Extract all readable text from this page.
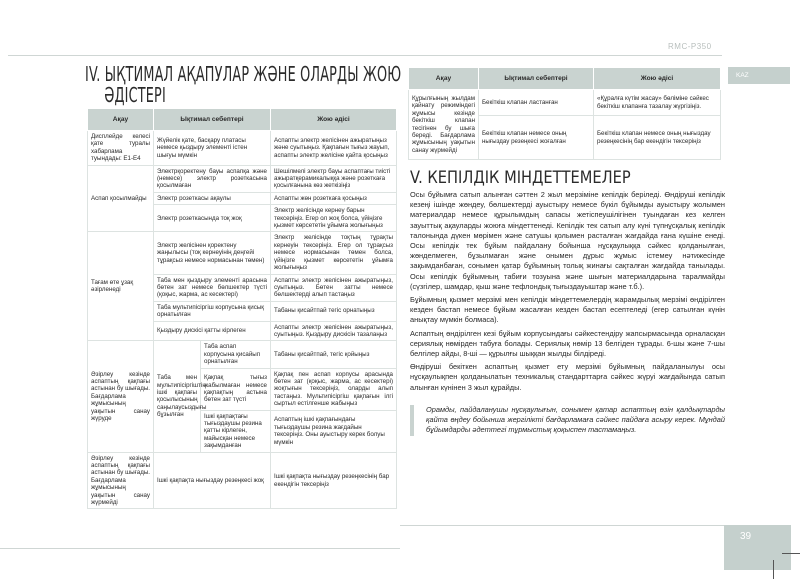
RMC-P350
IV. ЫҚТИМАЛ АҚАПУЛАР ЖӘНЕ ОЛАРДЫ ЖОЮ
ӘДІСТЕРІ
Ақау	Ықтимал себептері		Жою әдісі
Дисплейде келесі қате туралы хабарлама туындады: E1-E4	Жүйелік қате, басқару платасы немесе қыздыру элементі істен шығуы мүмкін		Аспапты электр желісінен ажыратыңыз және суытыңыз. Қақпағын тығыз жауып, аспапты электр желісіне қайта қосыңыз
Аспап қосылмайды	Электрқоректену бауы аспапқа және (немесе) электр розеткасына қосылмаған		Шешілмелі электр бауы аспаптағы тиісті ажыратқерамикалыққа және розеткаға қосылғанына көз жеткізіңіз
	Электр розеткасы ақаулы		Аспапты жөн розеткаға қосыңыз
	Электр розеткасында тоқ жоқ		Электр желісінде кернеу барын тексеріңіз. Егер ол жоқ болса, үйіңізге қызмет көрсететін ұйымға жолығыңыз
Тағам өте ұзақ әзірленеді	Электр желісінен қоректену жаңылысы (тоқ кернеуінің деңгейі тұрақсыз немесе нормасынан төмен)		Электр желісінде тоқтың тұрақты кернеуін тексеріңіз. Егер ол тұрақсыз немесе нормасынан төмен болса, үйіңізге қызмет көрсететін ұйымға жолығыңыз
	Таба мен қыздыру элементі арасына бөтен зат немесе бөлшектер түсті (қоқыс, жарма, ас кесектері)		Аспапты электр желісінен ажыратыңыз, суытыңыз. Бөтен затты немесе бөлшектерді алып тастаңыз
	Таба мультипісіргіш корпусына қисық орнатылған		Табаны қисайтпай тегіс орнатыңыз
	Қыздыру дискісі қатты кірлеген		Аспапты электр желісінен ажыратыңыз, суытыңыз. Қыздыру дискісін тазалаңыз
Әзірлеу кезінде аспаптың қақпағы астынан бу шығады. Бағдарлама жұмысының уақытын санау жүруде	Таба мен мультипісіргіштің ішкі қақпағы қосылысының саңылаусыздығы бұзылған	Таба аспап корпусына қисайып орнатылған	Табаны қисайтпай, тегіс қойыңыз
		Қақпақ тығыз жабылмаған немесе қақпақтың астына бөтен зат түсті	Қақпақ пен аспап корпусы арасында бөтен зат (қоқыс, жарма, ас кесектері) жоқтығын тексеріңіз, оларды алып тастаңыз. Мультипісіргіш қақпағын ілгі сыртыл естілгенше жабыңыз
		Ішкі қақпақтағы тығыздаушы резина қатты кірлеген, майысқан немесе зақымданған	Аспаптың ішкі қақпағындағы тығыздаушы резина жағдайын тексеріңіз. Оны ауыстыру керек болуы мүмкін
Әзірлеу кезінде аспаптың қақпағы астынан бу шығады. Бағдарлама жұмысының уақытын санау жүрмейді	Ішкі қақпақта нығыздау резеңкесі жоқ		Ішкі қақпақта нығыздау резеңкесінің бар екендігін тексеріңіз
Ақау	Ықтимал себептері	Жою әдісі
Құрылғының жылдам қайнату режиміндегі жұмысы кезінде бекіткіш клапан тесігінен бу шығa береді. Бағдарлама жұмысының уақытын санау жүрмейді	Бекіткіш клапан ластанған	«Құралға күтім жасау» бөліміне сәйкес бекіткіш клапанға тазалау жүргізіңіз.
	Бекіткіш клапан немесе оның нығыздау резеңкесі жоғалған	Бекіткіш клапан немесе оның нығыздау резеңкесінің бар екендігін тексеріңіз
KAZ
V. КЕПІЛДІК МІНДЕТТЕМЕЛЕР

Осы бұйымға сатып алынған сәттен 2 жыл мерзіміне кепілдік беріледі. Өндіруші кепілдік кезеңі ішінде жөндеу, бөлшектерді ауыстыру немесе бүкіл бұйымды ауыстыру жолымен материалдар немесе құрылымдың сапасы жетіспеушілігінен туындаған кез келген зауыттық ақауларды жоюға міндеттенеді. Кепілдік тек сатып алу күні түпнұсқалық кепілдік талонында дүкен мөрімен және сатушы қолымен расталған жағдайда ғана күшіне енеді. Осы кепілдік тек бұйым пайдалану бойынша нұсқаулыққа сәйкес қолданылған, жөнделмеген, бұзылмаған және онымен дұрыс жұмыс істемеу нәтижесінде зақымданбаған, сонымен қатар бұйымның толық жинағы сақталған жағдайда танылады. Осы кепілдік бұйымның табиғи тозуына және шығын материалдарына таралмайды (сүзгілер, шамдар, қыш және тефлондық тығыздауыштар және т.б.).

Бұйымның қызмет мерзімі мен кепілдік міндеттемелердің жарамдылық мерзімі өндірілген кезден бастап немесе бұйым жасалған кезден бастап есептеледі (егер сатылған күнін анықтау мүмкін болмаса).

Аспаптың өндірілген кезі бұйым корпусындағы сәйкестендіру жапсырмасында орналасқан сериялық нөмірден табуға болады. Сериялық нөмір 13 белгіден тұрады. 6-шы және 7-шы белгілер айды, 8-ші — құрылғы шыққан жылды білдіреді.

Өндіруші бекіткен аспаптың қызмет ету мерзімі бұйымның пайдаланылуы осы нұсқаулықпен қолданылатын техникалық стандарттарға сәйкес жүруі жағдайында сатып алынған күнінен 3 жыл құрайды.

Орамды, пайдаланушы нұсқаулығын, сонымен қатар аспаптың өзін қалдықтарды қайта өңдеу бойынша жергілікті бағдарламаға сәйкес пайдаға асыру керек. Мұндай бұйымдарды әдеттегі тұрмыстық қоқыспен тастамаңыз.
39
